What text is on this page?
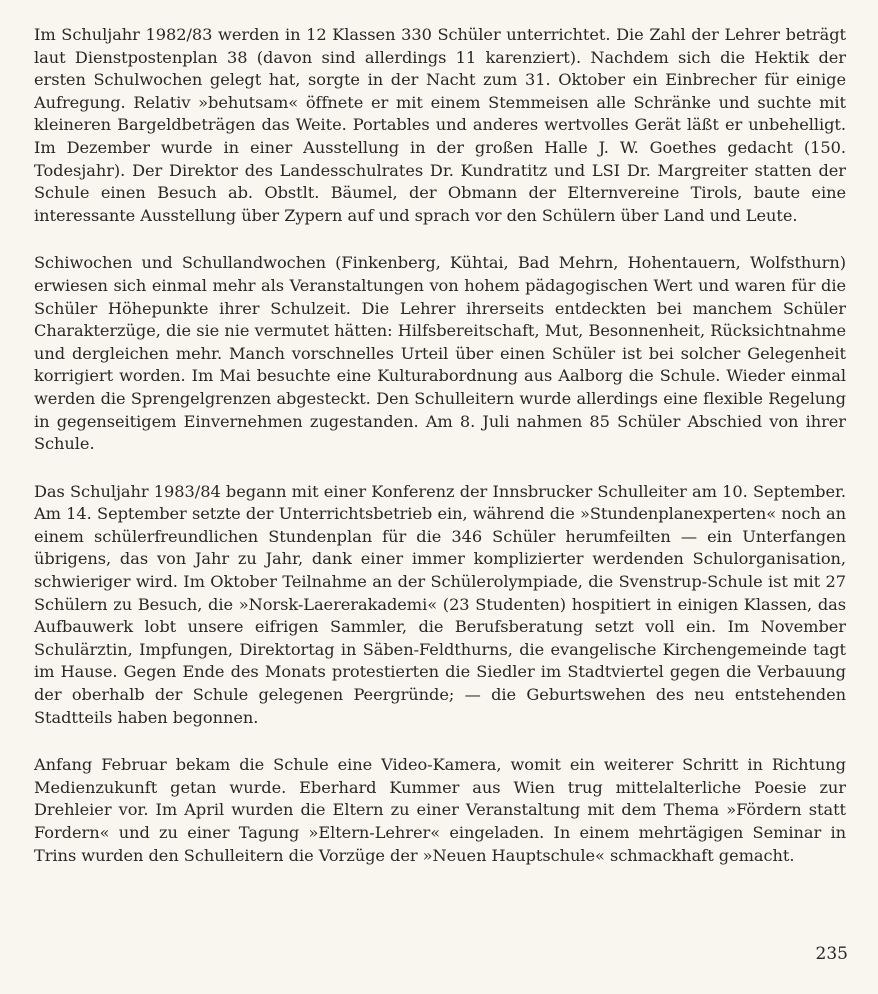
Im Schuljahr 1982/83 werden in 12 Klassen 330 Schüler unterrichtet. Die Zahl der Lehrer beträgt laut Dienstpostenplan 38 (davon sind allerdings 11 karenziert). Nachdem sich die Hektik der ersten Schulwochen gelegt hat, sorgte in der Nacht zum 31. Oktober ein Einbrecher für einige Aufregung. Relativ »behutsam« öffnete er mit einem Stemmeisen alle Schränke und suchte mit kleineren Bargeldbeträgen das Weite. Portables und anderes wertvolles Gerät läßt er unbehelligt. Im Dezember wurde in einer Ausstellung in der großen Halle J. W. Goethes gedacht (150. Todesjahr). Der Direktor des Landesschulrates Dr. Kundratitz und LSI Dr. Margreiter statten der Schule einen Besuch ab. Obstlt. Bäumel, der Obmann der Elternvereine Tirols, baute eine interessante Ausstellung über Zypern auf und sprach vor den Schülern über Land und Leute.

Schiwochen und Schullandwochen (Finkenberg, Kühtai, Bad Mehrn, Hohentauern, Wolfsthurn) erwiesen sich einmal mehr als Veranstaltungen von hohem pädagogischen Wert und waren für die Schüler Höhepunkte ihrer Schulzeit. Die Lehrer ihrerseits entdeckten bei manchem Schüler Charakterzüge, die sie nie vermutet hätten: Hilfsbereitschaft, Mut, Besonnenheit, Rücksichtnahme und dergleichen mehr. Manch vorschnelles Urteil über einen Schüler ist bei solcher Gelegenheit korrigiert worden. Im Mai besuchte eine Kulturabordnung aus Aalborg die Schule. Wieder einmal werden die Sprengelgrenzen abgesteckt. Den Schulleitern wurde allerdings eine flexible Regelung in gegenseitigem Einvernehmen zugestanden. Am 8. Juli nahmen 85 Schüler Abschied von ihrer Schule.

Das Schuljahr 1983/84 begann mit einer Konferenz der Innsbrucker Schulleiter am 10. September. Am 14. September setzte der Unterrichtsbetrieb ein, während die »Stundenplanexperten« noch an einem schülerfreundlichen Stundenplan für die 346 Schüler herumfeilten — ein Unterfangen übrigens, das von Jahr zu Jahr, dank einer immer komplizierter werdenden Schulorganisation, schwieriger wird. Im Oktober Teilnahme an der Schülerolympiade, die Svenstrup-Schule ist mit 27 Schülern zu Besuch, die »Norsk-Laererakademi« (23 Studenten) hospitiert in einigen Klassen, das Aufbauwerk lobt unsere eifrigen Sammler, die Berufsberatung setzt voll ein. Im November Schulärztin, Impfungen, Direktortag in Säben-Feldthurns, die evangelische Kirchengemeinde tagt im Hause. Gegen Ende des Monats protestierten die Siedler im Stadtviertel gegen die Verbauung der oberhalb der Schule gelegenen Peergründe; — die Geburtswehen des neu entstehenden Stadtteils haben begonnen.

Anfang Februar bekam die Schule eine Video-Kamera, womit ein weiterer Schritt in Richtung Medienzukunft getan wurde. Eberhard Kummer aus Wien trug mittelalterliche Poesie zur Drehleier vor. Im April wurden die Eltern zu einer Veranstaltung mit dem Thema »Fördern statt Fordern« und zu einer Tagung »Eltern-Lehrer« eingeladen. In einem mehrtägigen Seminar in Trins wurden den Schulleitern die Vorzüge der »Neuen Hauptschule« schmackhaft gemacht.

235
